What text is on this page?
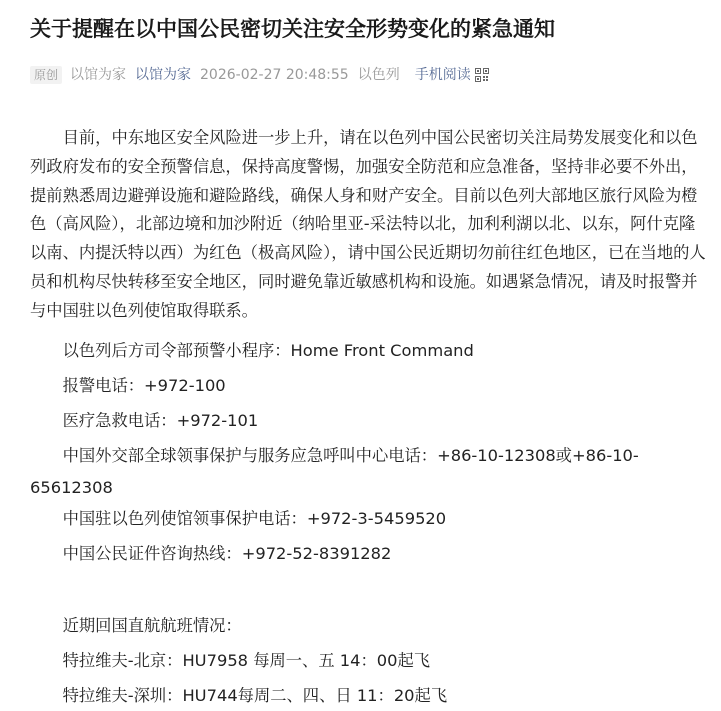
关于提醒在以中国公民密切关注安全形势变化的紧急通知
原创 以馆为家 以馆为家 2026-02-27 20:48:55 以色列 手机阅读

目前，中东地区安全风险进一步上升，请在以色列中国公民密切关注局势发展变化和以色列政府发布的安全预警信息，保持高度警惕，加强安全防范和应急准备，坚持非必要不外出，提前熟悉周边避弹设施和避险路线，确保人身和财产安全。目前以色列大部地区旅行风险为橙色（高风险），北部边境和加沙附近（纳哈里亚-采法特以北，加利利湖以北、以东，阿什克隆以南、内提沃特以西）为红色（极高风险），请中国公民近期切勿前往红色地区，已在当地的人员和机构尽快转移至安全地区，同时避免靠近敏感机构和设施。如遇紧急情况，请及时报警并与中国驻以色列使馆取得联系。

以色列后方司令部预警小程序：Home Front Command

报警电话：+972-100

医疗急救电话：+972-101

中国外交部全球领事保护与服务应急呼叫中心电话：+86-10-12308或+86-10-65612308

中国驻以色列使馆领事保护电话：+972-3-5459520

中国公民证件咨询热线：+972-52-8391282

近期回国直航航班情况：

特拉维夫-北京：HU7958 每周一、五 14：00起飞

特拉维夫-深圳：HU744每周二、四、日 11：20起飞
